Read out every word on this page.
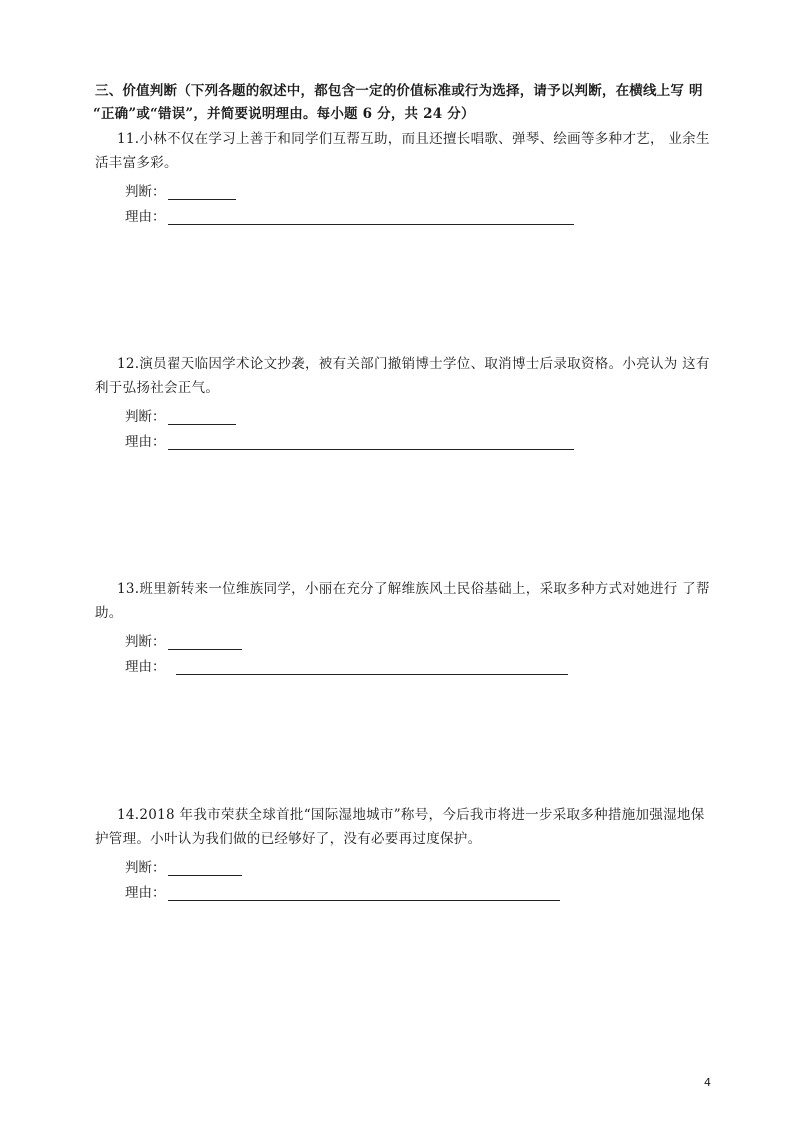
三、价值判断（下列各题的叙述中，都包含一定的价值标准或行为选择，请予以判断，在横线上写 明
“正确”或“错误”，并简要说明理由。每小题 6 分，共 24 分）

11.小林不仅在学习上善于和同学们互帮互助，而且还擅长唱歌、弹琴、绘画等多种才艺， 业余生活丰富多彩。

判断：
理由：

12.演员翟天临因学术论文抄袭，被有关部门撤销博士学位、取消博士后录取资格。小亮认为 这有利于弘扬社会正气。

判断：
理由：

13.班里新转来一位维族同学，小丽在充分了解维族风土民俗基础上，采取多种方式对她进行 了帮助。

判断：
理由：

14.2018 年我市荣获全球首批“国际湿地城市”称号，今后我市将进一步采取多种措施加强湿地保护管理。小叶认为我们做的已经够好了，没有必要再过度保护。

判断：
理由：
4
